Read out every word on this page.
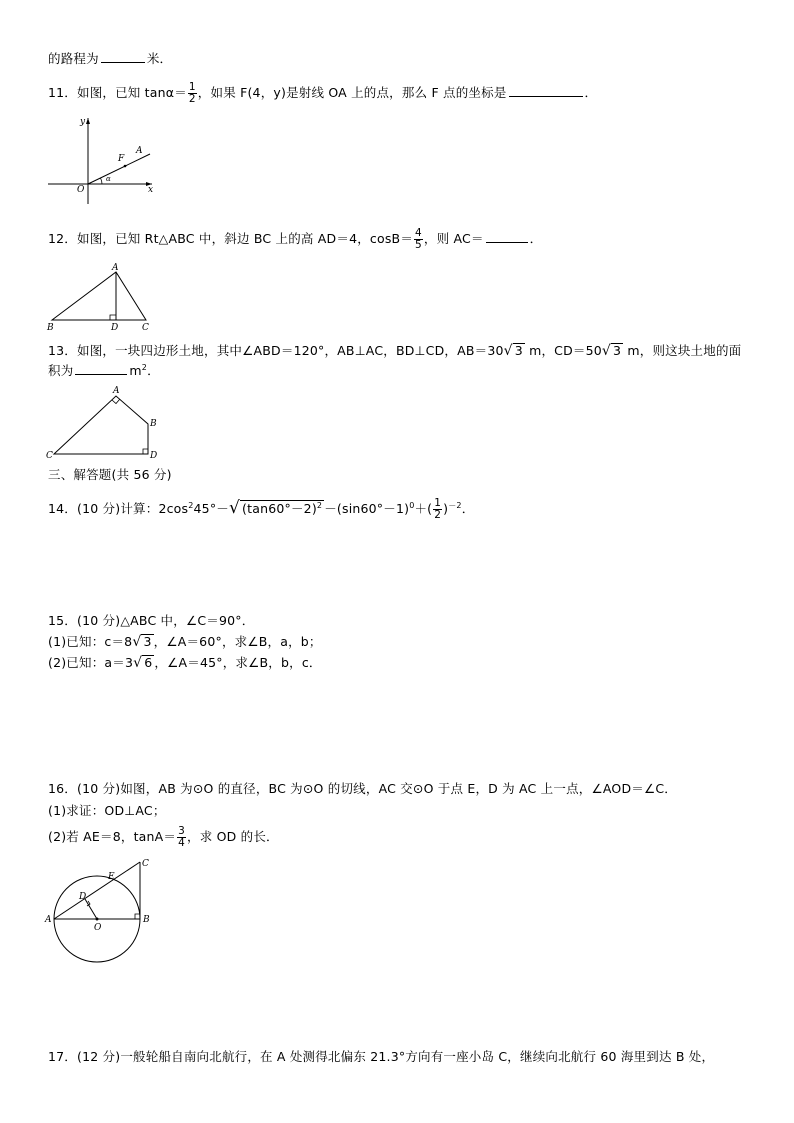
的路程为	米．
11．如图，已知 $\tan\alpha= \frac{1}{2}$ ，如果 F(4，y)是射线 OA 上的点，那么 F 点的坐标是	．
y
x
O
F
A
α
12．如图，已知 Rt△ABC 中，斜边 BC 上的高 AD＝4，$\cos B= \frac{4}{5}$ ，则 AC＝	．
A
B	D	C
13．如图，一块四边形土地，其中∠ABD＝120°，AB⊥AC，BD⊥CD，AB＝30√ 3 m，CD＝50√ 3 m，则这块土地的面
积为	$m^2$．
A
B
C	D
三、解答题(共 56 分)
14．(10 分)计算：$2\cos^245^\circ-√$ $(\tan 60^\circ-2)^2 -(\sin 60^\circ-1)^0+( \frac{1}{2} )^{-2}$．
15．(10 分)△ABC 中，∠C＝90°．
(1)已知：c＝8√ 3 ，∠A＝60°，求∠B，a，b；
(2)已知：a＝3√ 6 ，∠A＝45°，求∠B，b，c．
16．(10 分)如图，AB 为⊙O 的直径，BC 为⊙O 的切线，AC 交⊙O 于点 E，D 为 AC 上一点，∠AOD＝∠C．
(1)求证：OD⊥AC；
(2)若 AE＝8，$\tan A= \frac{3}{4}$ ，求 OD 的长．
A	B
C
D
E
O
17．(12 分)一般轮船自南向北航行，在 A 处测得北偏东 21.3°方向有一座小岛 C，继续向北航行 60 海里到达 B 处，
